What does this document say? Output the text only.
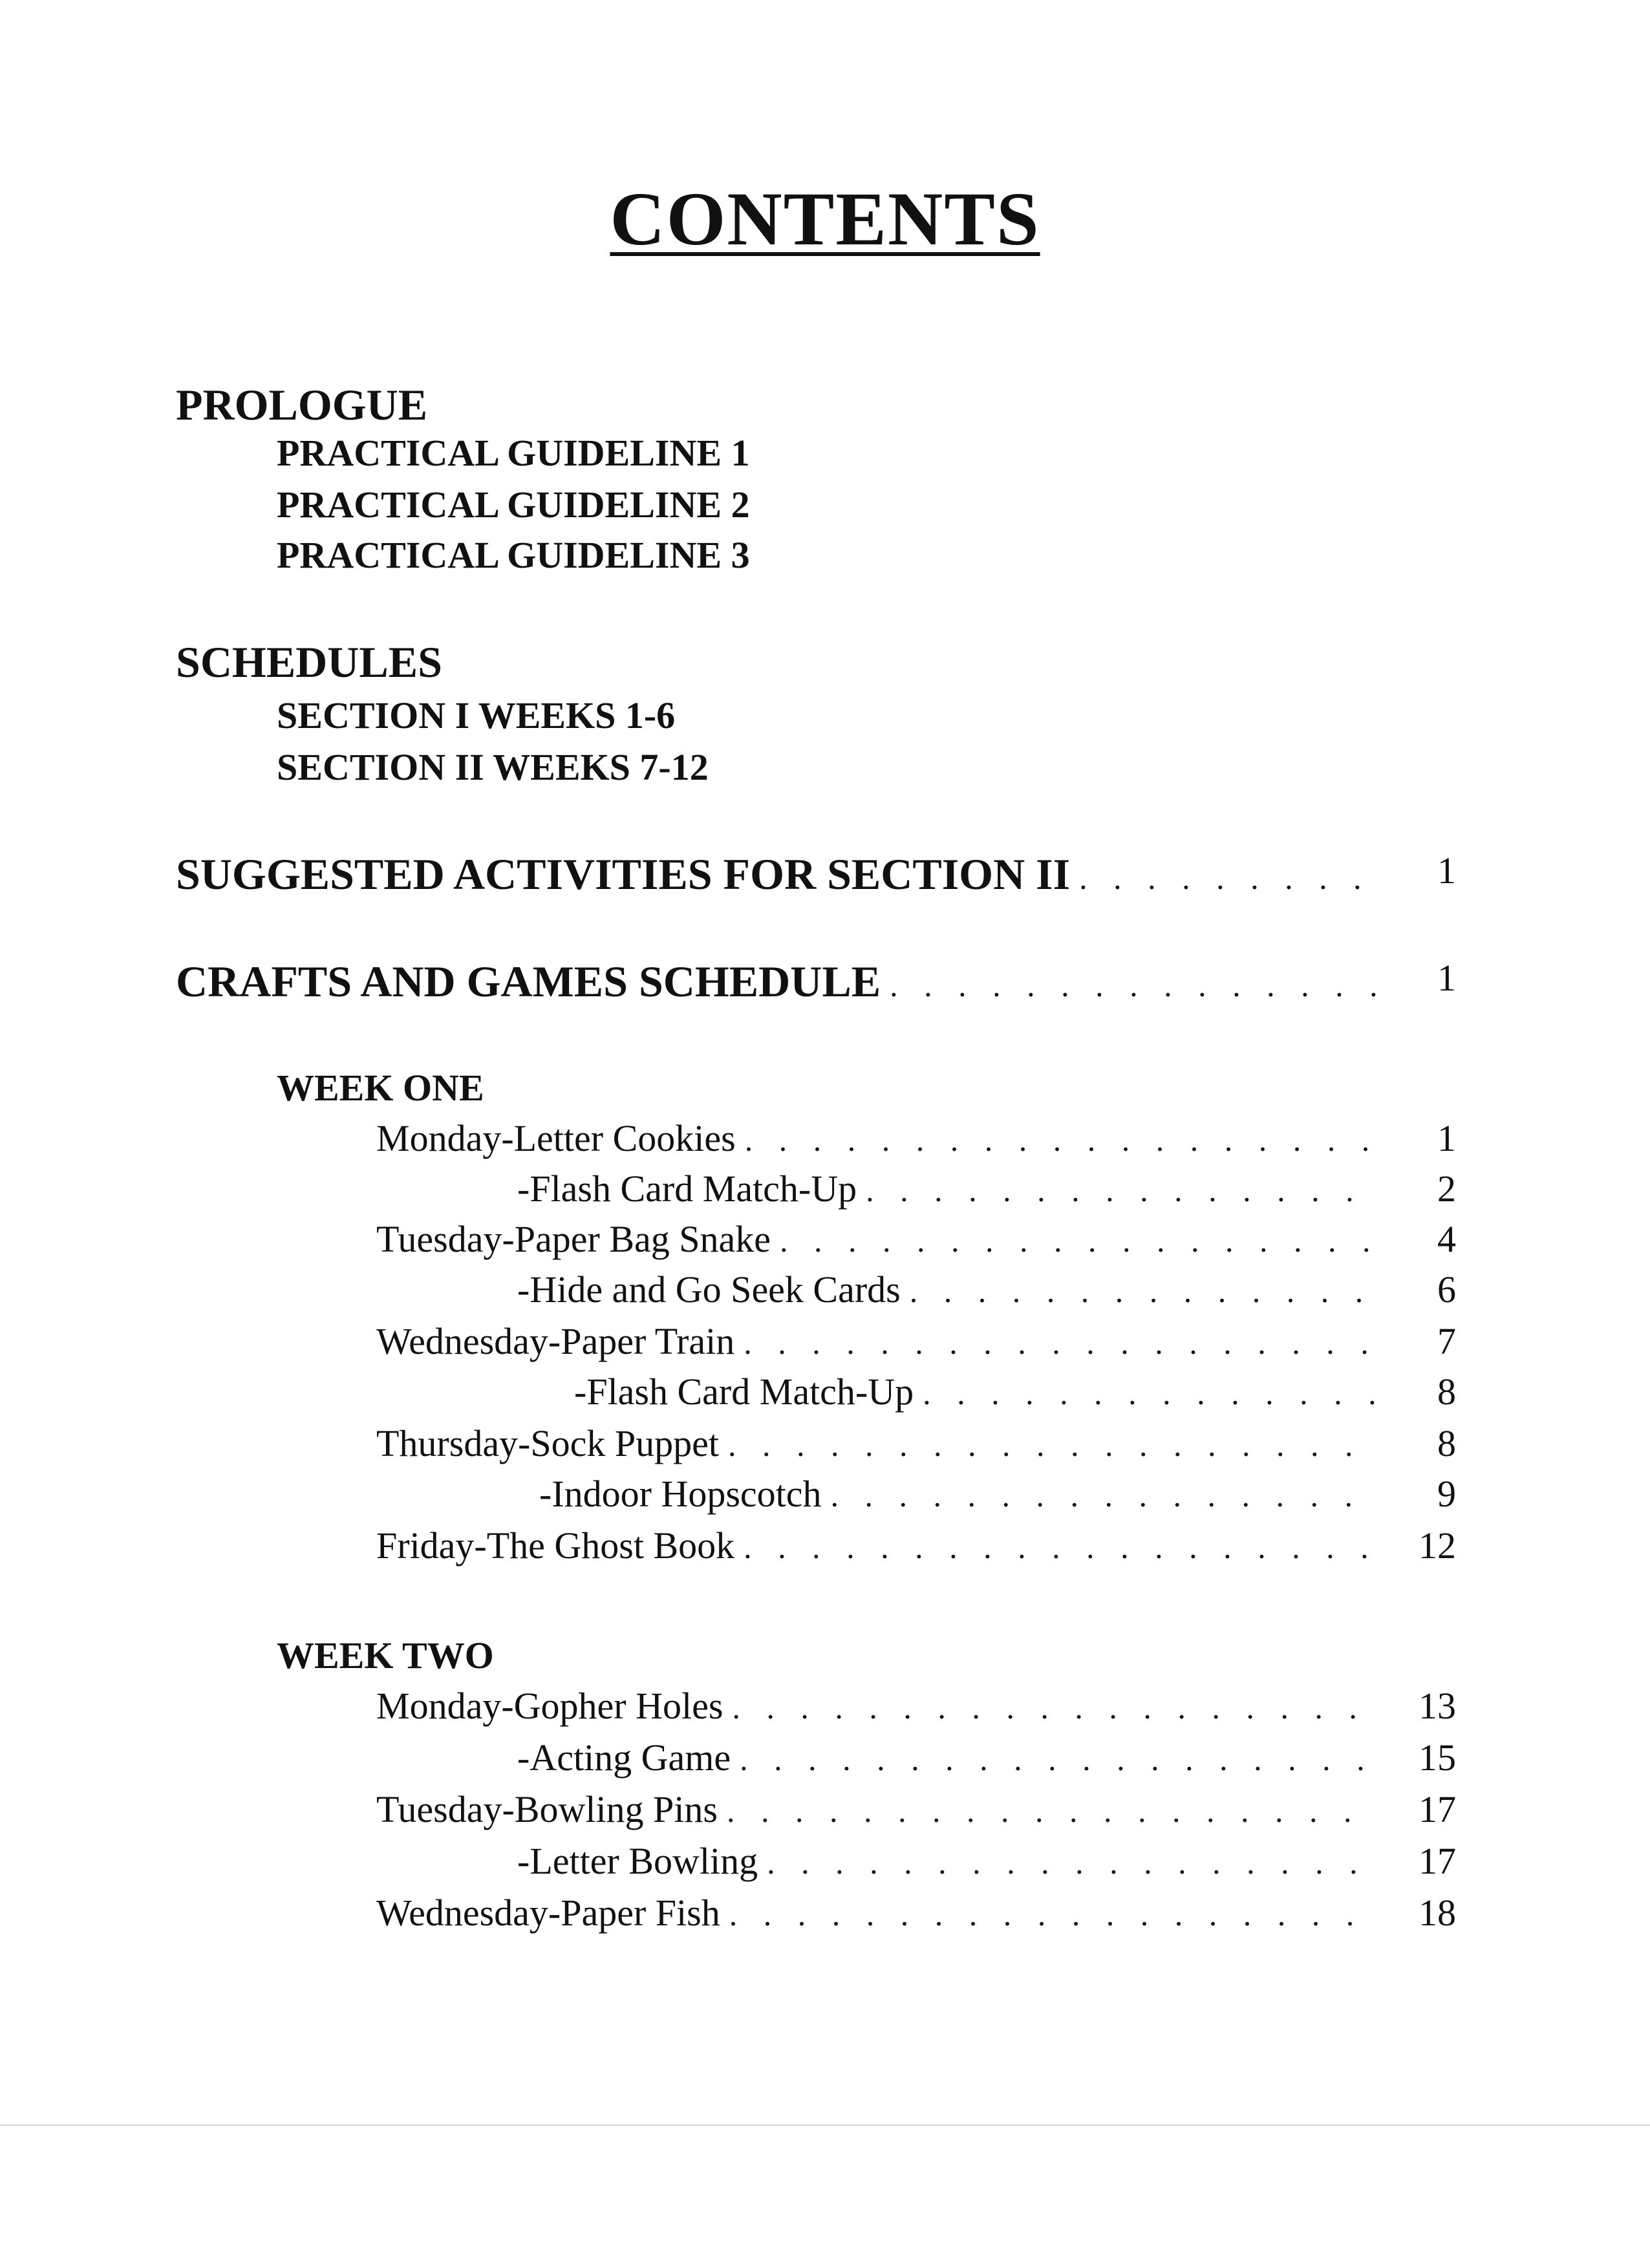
CONTENTS
PROLOGUE
PRACTICAL GUIDELINE 1
PRACTICAL GUIDELINE 2
PRACTICAL GUIDELINE 3
SCHEDULES
SECTION I WEEKS 1-6
SECTION II WEEKS 7-12
SUGGESTED ACTIVITIES FOR SECTION II . . .	1
CRAFTS AND GAMES SCHEDULE . . .	1
WEEK ONE
Monday-Letter Cookies . . .	1
-Flash Card Match-Up . . .	2
Tuesday-Paper Bag Snake . . .	4
-Hide and Go Seek Cards . . .	6
Wednesday-Paper Train . . .	7
-Flash Card Match-Up . . .	8
Thursday-Sock Puppet . . .	8
-Indoor Hopscotch . . .	9
Friday-The Ghost Book . . .	12
WEEK TWO
Monday-Gopher Holes . . .	13
-Acting Game . . .	15
Tuesday-Bowling Pins . . .	17
-Letter Bowling . . .	17
Wednesday-Paper Fish . . .	18
